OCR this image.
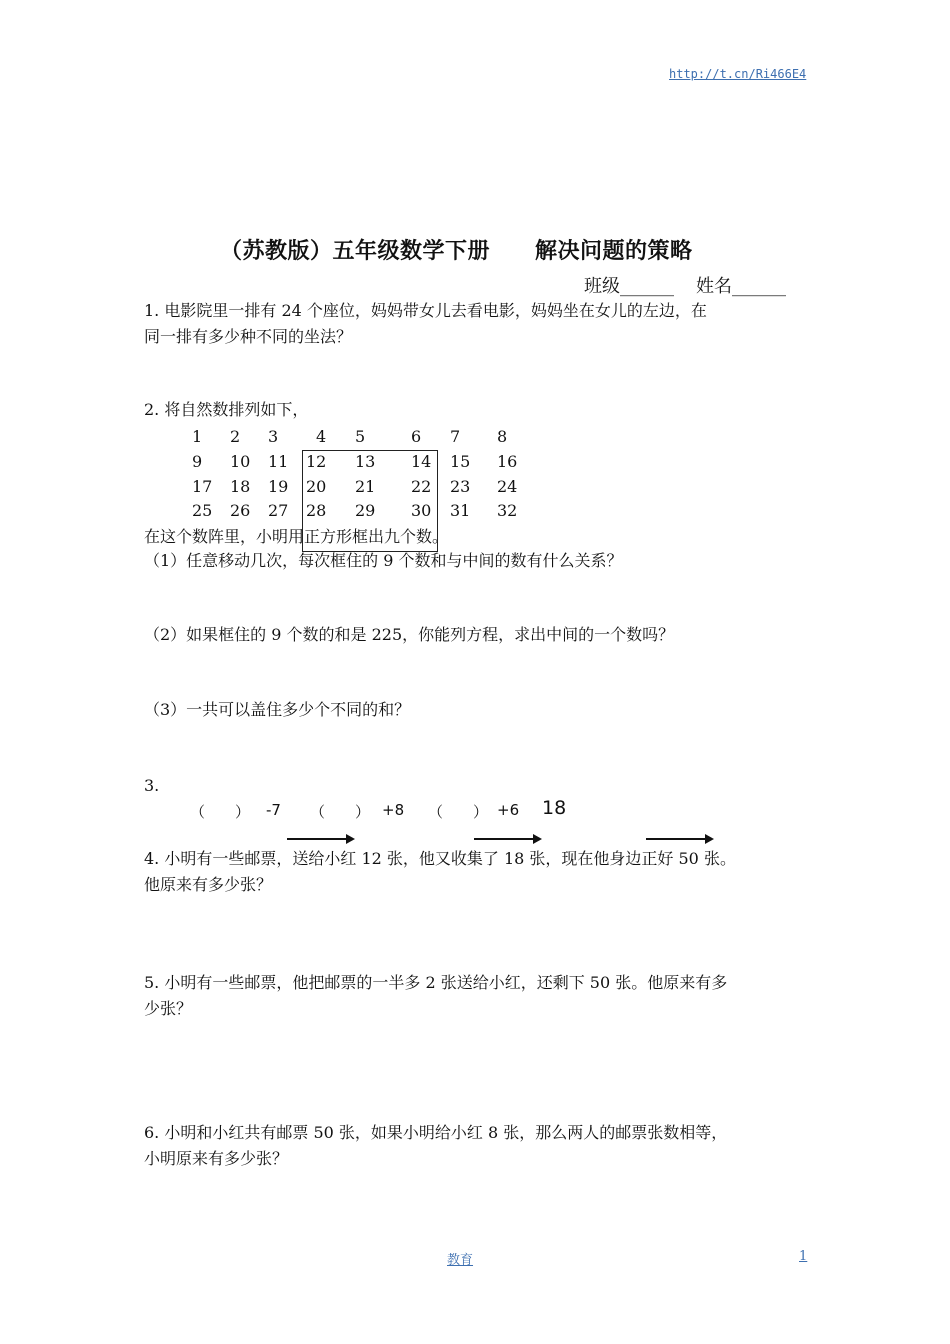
http://t.cn/Ri466E4
（苏教版）五年级数学下册　　解决问题的策略
班级______ 姓名______
1. 电影院里一排有 24 个座位，妈妈带女儿去看电影，妈妈坐在女儿的左边，在
同一排有多少种不同的坐法？
2. 将自然数排列如下，
1 2 3 4 5	6 7 8
9 10 11 12 13 14 15 16
17 18 19 20 21 22 23 24
25 26 27 28 29 30 31 32
在这个数阵里，小明用正方形框出九个数。
（1）任意移动几次，每次框住的 9 个数和与中间的数有什么关系？
（2）如果框住的 9 个数的和是 225，你能列方程，求出中间的一个数吗？
（3）一共可以盖住多少个不同的和？
3.
（　　） -7 （　　） +8 （　　） +6 18
4. 小明有一些邮票，送给小红 12 张，他又收集了 18 张，现在他身边正好 50 张。
他原来有多少张？
5. 小明有一些邮票，他把邮票的一半多 2 张送给小红，还剩下 50 张。他原来有多
少张？
6. 小明和小红共有邮票 50 张，如果小明给小红 8 张，那么两人的邮票张数相等，
小明原来有多少张？
教育	1
